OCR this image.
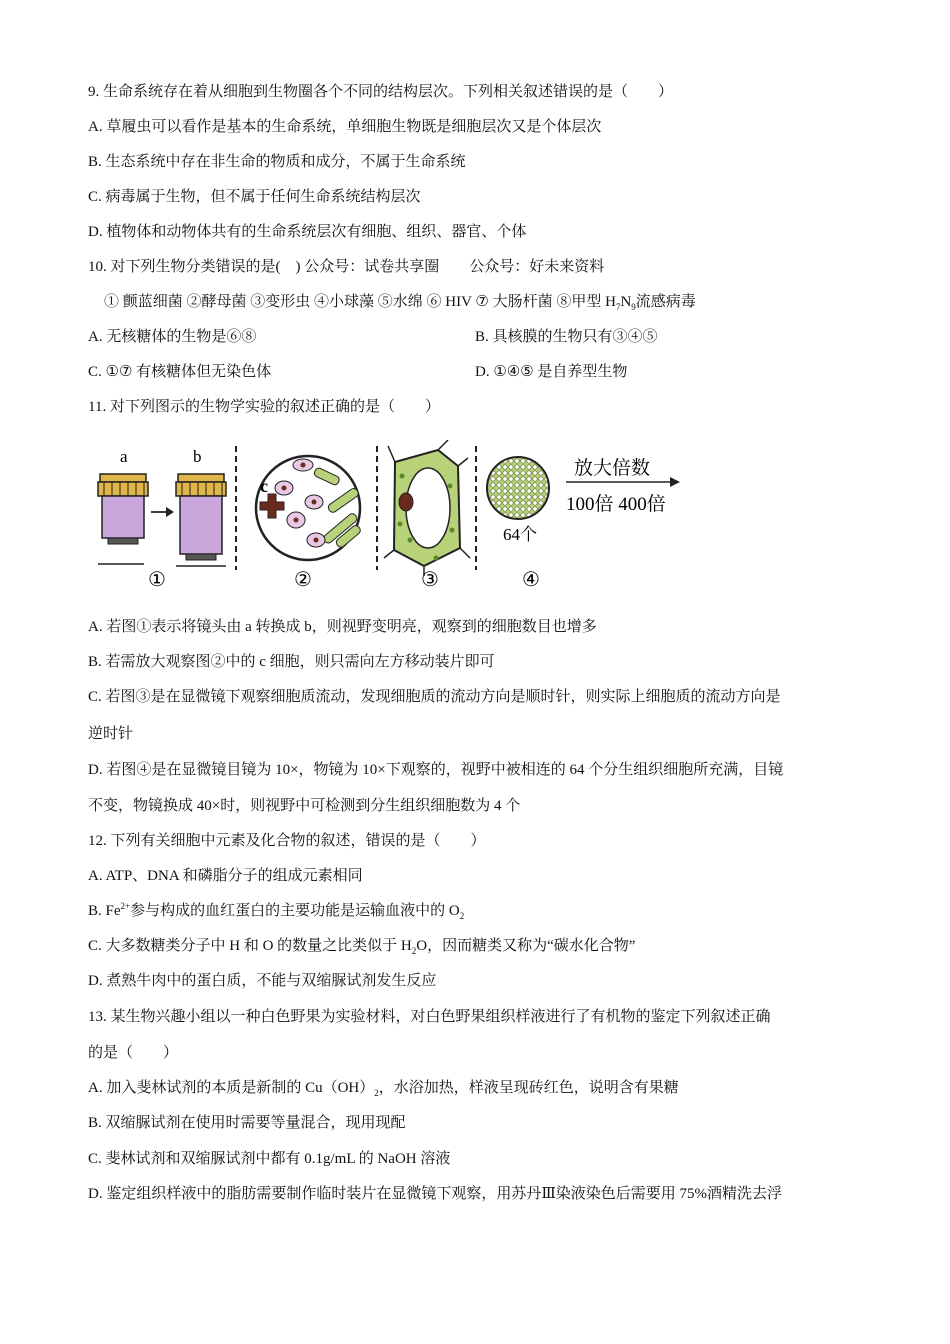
9. 生命系统存在着从细胞到生物圈各个不同的结构层次。下列相关叙述错误的是（　　）
A. 草履虫可以看作是基本的生命系统，单细胞生物既是细胞层次又是个体层次
B. 生态系统中存在非生命的物质和成分，不属于生命系统
C. 病毒属于生物，但不属于任何生命系统结构层次
D. 植物体和动物体共有的生命系统层次有细胞、组织、器官、个体
10. 对下列生物分类错误的是(　) 公众号：试卷共享圈　　公众号：好未来资料
① 颤蓝细菌 ②酵母菌 ③变形虫 ④小球藻 ⑤水绵 ⑥ HIV ⑦ 大肠杆菌 ⑧甲型 $H_7N_9$流感病毒
A. 无核糖体的生物是⑥⑧	B. 具核膜的生物只有③④⑤
C. ①⑦ 有核糖体但无染色体	D. ①④⑤ 是自养型生物
11. 对下列图示的生物学实验的叙述正确的是（　　）
a	b
①
c
②	③
64个
放大倍数
100倍 400倍
④
A. 若图①表示将镜头由 a 转换成 b，则视野变明亮，观察到的细胞数目也增多
B. 若需放大观察图②中的 c 细胞，则只需向左方移动装片即可
C. 若图③是在显微镜下观察细胞质流动，发现细胞质的流动方向是顺时针，则实际上细胞质的流动方向是
逆时针
D. 若图④是在显微镜目镜为 10×，物镜为 10×下观察的，视野中被相连的 64 个分生组织细胞所充满，目镜
不变，物镜换成 40×时，则视野中可检测到分生组织细胞数为 4 个
12. 下列有关细胞中元素及化合物的叙述，错误的是（　　）
A. ATP、DNA 和磷脂分子的组成元素相同
B. $Fe^{2+}$参与构成的血红蛋白的主要功能是运输血液中的 $O_2$
C. 大多数糖类分子中 H 和 O 的数量之比类似于 $H_2O$，因而糖类又称为“碳水化合物”
D. 煮熟牛肉中的蛋白质，不能与双缩脲试剂发生反应
13. 某生物兴趣小组以一种白色野果为实验材料，对白色野果组织样液进行了有机物的鉴定下列叙述正确
的是（　　）
A. 加入斐林试剂的本质是新制的 $Cu(OH)_2$，水浴加热，样液呈现砖红色，说明含有果糖
B. 双缩脲试剂在使用时需要等量混合，现用现配
C. 斐林试剂和双缩脲试剂中都有 0.1g/mL 的 NaOH 溶液
D. 鉴定组织样液中的脂肪需要制作临时装片在显微镜下观察，用苏丹Ⅲ染液染色后需要用 75%酒精洗去浮
